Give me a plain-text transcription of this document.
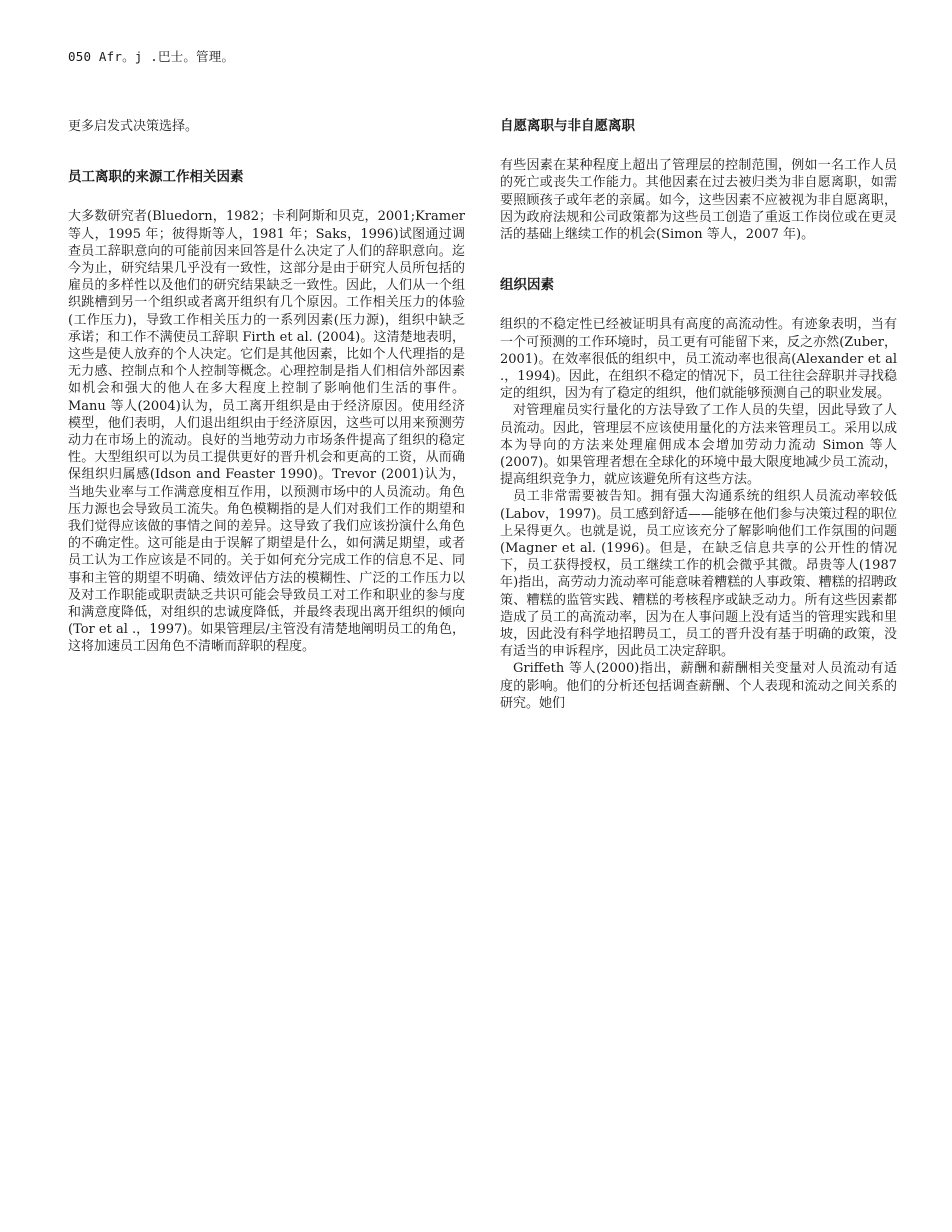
050 Afr。j .巴士。管理。

更多启发式决策选择。

员工离职的来源工作相关因素

大多数研究者(Bluedorn，1982；卡利阿斯和贝克，2001;Kramer 等人，1995 年；彼得斯等人，1981 年；Saks，1996)试图通过调查员工辞职意向的可能前因来回答是什么决定了人们的辞职意向。迄今为止，研究结果几乎没有一致性，这部分是由于研究人员所包括的雇员的多样性以及他们的研究结果缺乏一致性。因此，人们从一个组织跳槽到另一个组织或者离开组织有几个原因。工作相关压力的体验(工作压力)，导致工作相关压力的一系列因素(压力源)，组织中缺乏承诺；和工作不满使员工辞职 Firth et al. (2004)。这清楚地表明，这些是使人放弃的个人决定。它们是其他因素，比如个人代理指的是无力感、控制点和个人控制等概念。心理控制是指人们相信外部因素如机会和强大的他人在多大程度上控制了影响他们生活的事件。Manu 等人(2004)认为，员工离开组织是由于经济原因。使用经济模型，他们表明，人们退出组织由于经济原因，这些可以用来预测劳动力在市场上的流动。良好的当地劳动力市场条件提高了组织的稳定性。大型组织可以为员工提供更好的晋升机会和更高的工资，从而确保组织归属感(Idson and Feaster 1990)。Trevor (2001)认为，当地失业率与工作满意度相互作用，以预测市场中的人员流动。角色压力源也会导致员工流失。角色模糊指的是人们对我们工作的期望和我们觉得应该做的事情之间的差异。这导致了我们应该扮演什么角色的不确定性。这可能是由于误解了期望是什么，如何满足期望，或者员工认为工作应该是不同的。关于如何充分完成工作的信息不足、同事和主管的期望不明确、绩效评估方法的模糊性、广泛的工作压力以及对工作职能或职责缺乏共识可能会导致员工对工作和职业的参与度和满意度降低，对组织的忠诚度降低，并最终表现出离开组织的倾向(Tor et al .，1997)。如果管理层/主管没有清楚地阐明员工的角色，这将加速员工因角色不清晰而辞职的程度。

自愿离职与非自愿离职

有些因素在某种程度上超出了管理层的控制范围，例如一名工作人员的死亡或丧失工作能力。其他因素在过去被归类为非自愿离职，如需要照顾孩子或年老的亲属。如今，这些因素不应被视为非自愿离职，因为政府法规和公司政策都为这些员工创造了重返工作岗位或在更灵活的基础上继续工作的机会(Simon 等人，2007 年)。

组织因素

组织的不稳定性已经被证明具有高度的高流动性。有迹象表明，当有一个可预测的工作环境时，员工更有可能留下来，反之亦然(Zuber，2001)。在效率很低的组织中，员工流动率也很高(Alexander et al .，1994)。因此，在组织不稳定的情况下，员工往往会辞职并寻找稳定的组织，因为有了稳定的组织，他们就能够预测自己的职业发展。

对管理雇员实行量化的方法导致了工作人员的失望，因此导致了人员流动。因此，管理层不应该使用量化的方法来管理员工。采用以成本为导向的方法来处理雇佣成本会增加劳动力流动 Simon 等人(2007)。如果管理者想在全球化的环境中最大限度地减少员工流动，提高组织竞争力，就应该避免所有这些方法。

员工非常需要被告知。拥有强大沟通系统的组织人员流动率较低(Labov，1997)。员工感到舒适——能够在他们参与决策过程的职位上呆得更久。也就是说，员工应该充分了解影响他们工作氛围的问题(Magner et al. (1996)。但是，在缺乏信息共享的公开性的情况下，员工获得授权，员工继续工作的机会微乎其微。昂贵等人(1987 年)指出，高劳动力流动率可能意味着糟糕的人事政策、糟糕的招聘政策、糟糕的监管实践、糟糕的考核程序或缺乏动力。所有这些因素都造成了员工的高流动率，因为在人事问题上没有适当的管理实践和里坡，因此没有科学地招聘员工，员工的晋升没有基于明确的政策，没有适当的申诉程序，因此员工决定辞职。

Griffeth 等人(2000)指出，薪酬和薪酬相关变量对人员流动有适度的影响。他们的分析还包括调查薪酬、个人表现和流动之间关系的研究。她们
